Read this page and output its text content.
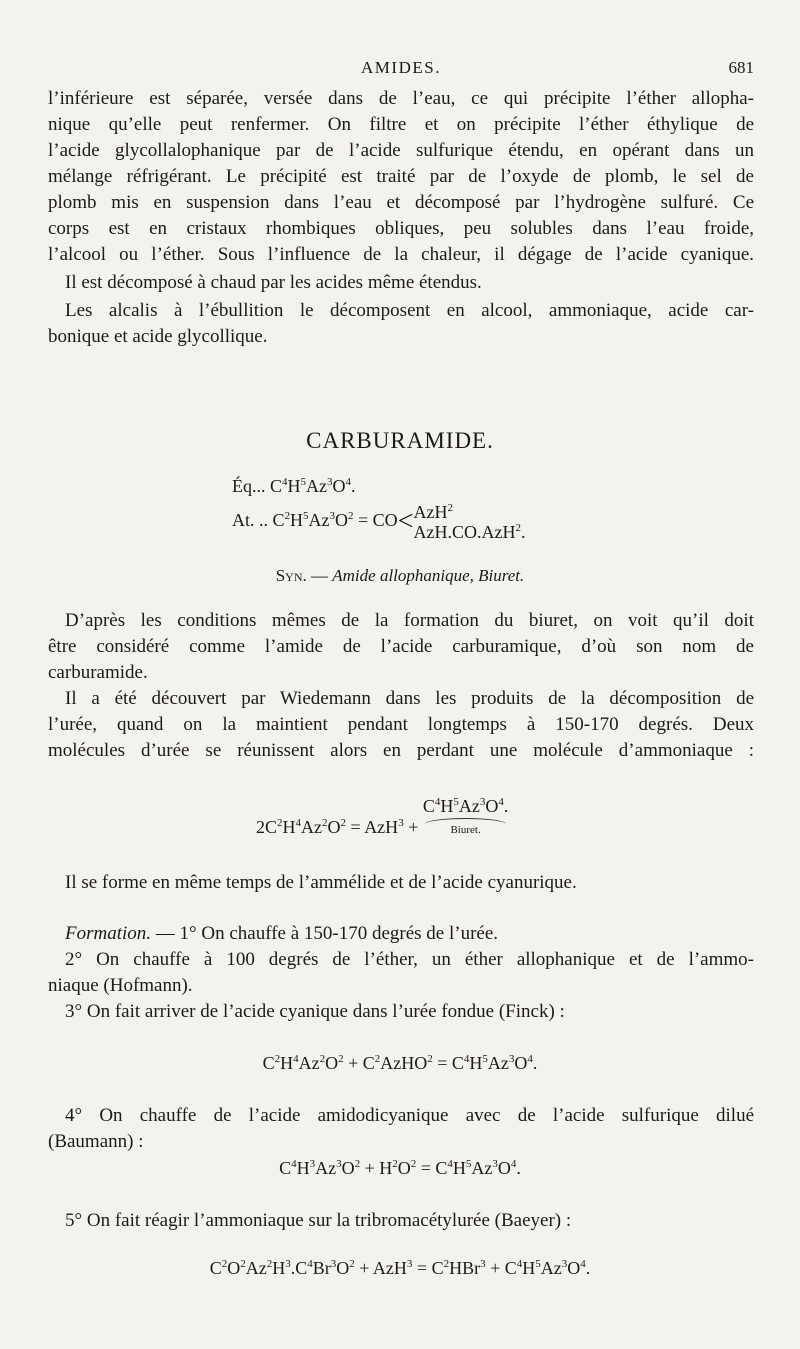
AMIDES.	681
l’inférieure est séparée, versée dans de l’eau, ce qui précipite l’éther allopha-
nique qu’elle peut renfermer. On filtre et on précipite l’éther éthylique de
l’acide glycollalophanique par de l’acide sulfurique étendu, en opérant dans un
mélange réfrigérant. Le précipité est traité par de l’oxyde de plomb, le sel de
plomb mis en suspension dans l’eau et décomposé par l’hydrogène sulfuré. Ce
corps est en cristaux rhombiques obliques, peu solubles dans l’eau froide,
l’alcool ou l’éther. Sous l’influence de la chaleur, il dégage de l’acide cyanique.
Il est décomposé à chaud par les acides même étendus.
Les alcalis à l’ébullition le décomposent en alcool, ammoniaque, acide car-
bonique et acide glycollique.
CARBURAMIDE.
Éq... $C^4H^5Az^3O^4$.
At. .. $C^2H^5Az^3O^2 = CO<AzH^2$
AzH.CO.AzH$^2$.
Syn. — Amide allophanique, Biuret.
D’après les conditions mêmes de la formation du biuret, on voit qu’il doit
être considéré comme l’amide de l’acide carburamique, d’où son nom de
carburamide.
Il a été découvert par Wiedemann dans les produits de la décomposition de
l’urée, quand on la maintient pendant longtemps à 150-170 degrés. Deux
molécules d’urée se réunissent alors en perdant une molécule d’ammoniaque :
$2C^2H^4Az^2O^2 = AzH^3 + C^4H^5Az^3O^4$.
Biuret.
Il se forme en même temps de l’ammélide et de l’acide cyanurique.
Formation. — 1° On chauffe à 150-170 degrés de l’urée.
2° On chauffe à 100 degrés de l’éther, un éther allophanique et de l’ammo-
niaque (Hofmann).
3° On fait arriver de l’acide cyanique dans l’urée fondue (Finck) :
$C^2H^4Az^2O^2$ + $C^2AzHO^2 = C^4H^5Az^3O^4$.
4° On chauffe de l’acide amidodicyanique avec de l’acide sulfurique dilué
(Baumann) :
$C^4H^3Az^3O^2 + H^2O^2 = C^4H^5Az^3O^4$.
5° On fait réagir l’ammoniaque sur la tribromacétylurée (Baeyer) :
$C^2O^2Az^2H^3.C^4Br^3O^2 + AzH^3 = C^2HBr^3 + C^4H^5Az^3O^4$.
